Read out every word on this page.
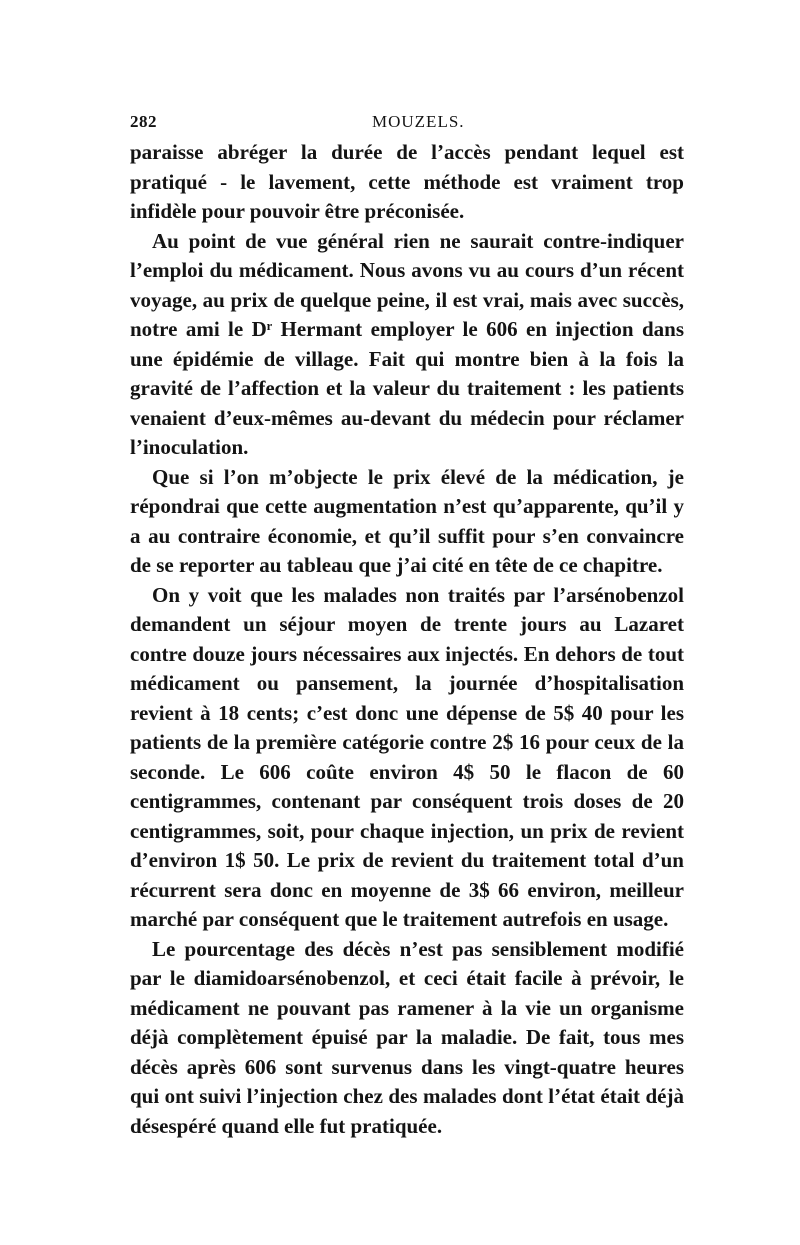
282	MOUZELS.

paraisse abréger la durée de l’accès pendant lequel est pratiqué - le lavement, cette méthode est vraiment trop infidèle pour pouvoir être préconisée.

Au point de vue général rien ne saurait contre-indiquer l’emploi du médicament. Nous avons vu au cours d’un récent voyage, au prix de quelque peine, il est vrai, mais avec succès, notre ami le Dʳ Hermant employer le 606 en injection dans une épidémie de village. Fait qui montre bien à la fois la gravité de l’affection et la valeur du traitement : les patients venaient d’eux-mêmes au-devant du médecin pour réclamer l’inoculation.

Que si l’on m’objecte le prix élevé de la médication, je répondrai que cette augmentation n’est qu’apparente, qu’il y a au contraire économie, et qu’il suffit pour s’en convaincre de se reporter au tableau que j’ai cité en tête de ce chapitre.

On y voit que les malades non traités par l’arsénobenzol demandent un séjour moyen de trente jours au Lazaret contre douze jours nécessaires aux injectés. En dehors de tout médicament ou pansement, la journée d’hospitalisation revient à 18 cents; c’est donc une dépense de 5$ 40 pour les patients de la première catégorie contre 2$ 16 pour ceux de la seconde. Le 606 coûte environ 4$ 50 le flacon de 60 centigrammes, contenant par conséquent trois doses de 20 centigrammes, soit, pour chaque injection, un prix de revient d’environ 1$ 50. Le prix de revient du traitement total d’un récurrent sera donc en moyenne de 3$ 66 environ, meilleur marché par conséquent que le traitement autrefois en usage.

Le pourcentage des décès n’est pas sensiblement modifié par le diamidoarsénobenzol, et ceci était facile à prévoir, le médicament ne pouvant pas ramener à la vie un organisme déjà complètement épuisé par la maladie. De fait, tous mes décès après 606 sont survenus dans les vingt-quatre heures qui ont suivi l’injection chez des malades dont l’état était déjà désespéré quand elle fut pratiquée.
